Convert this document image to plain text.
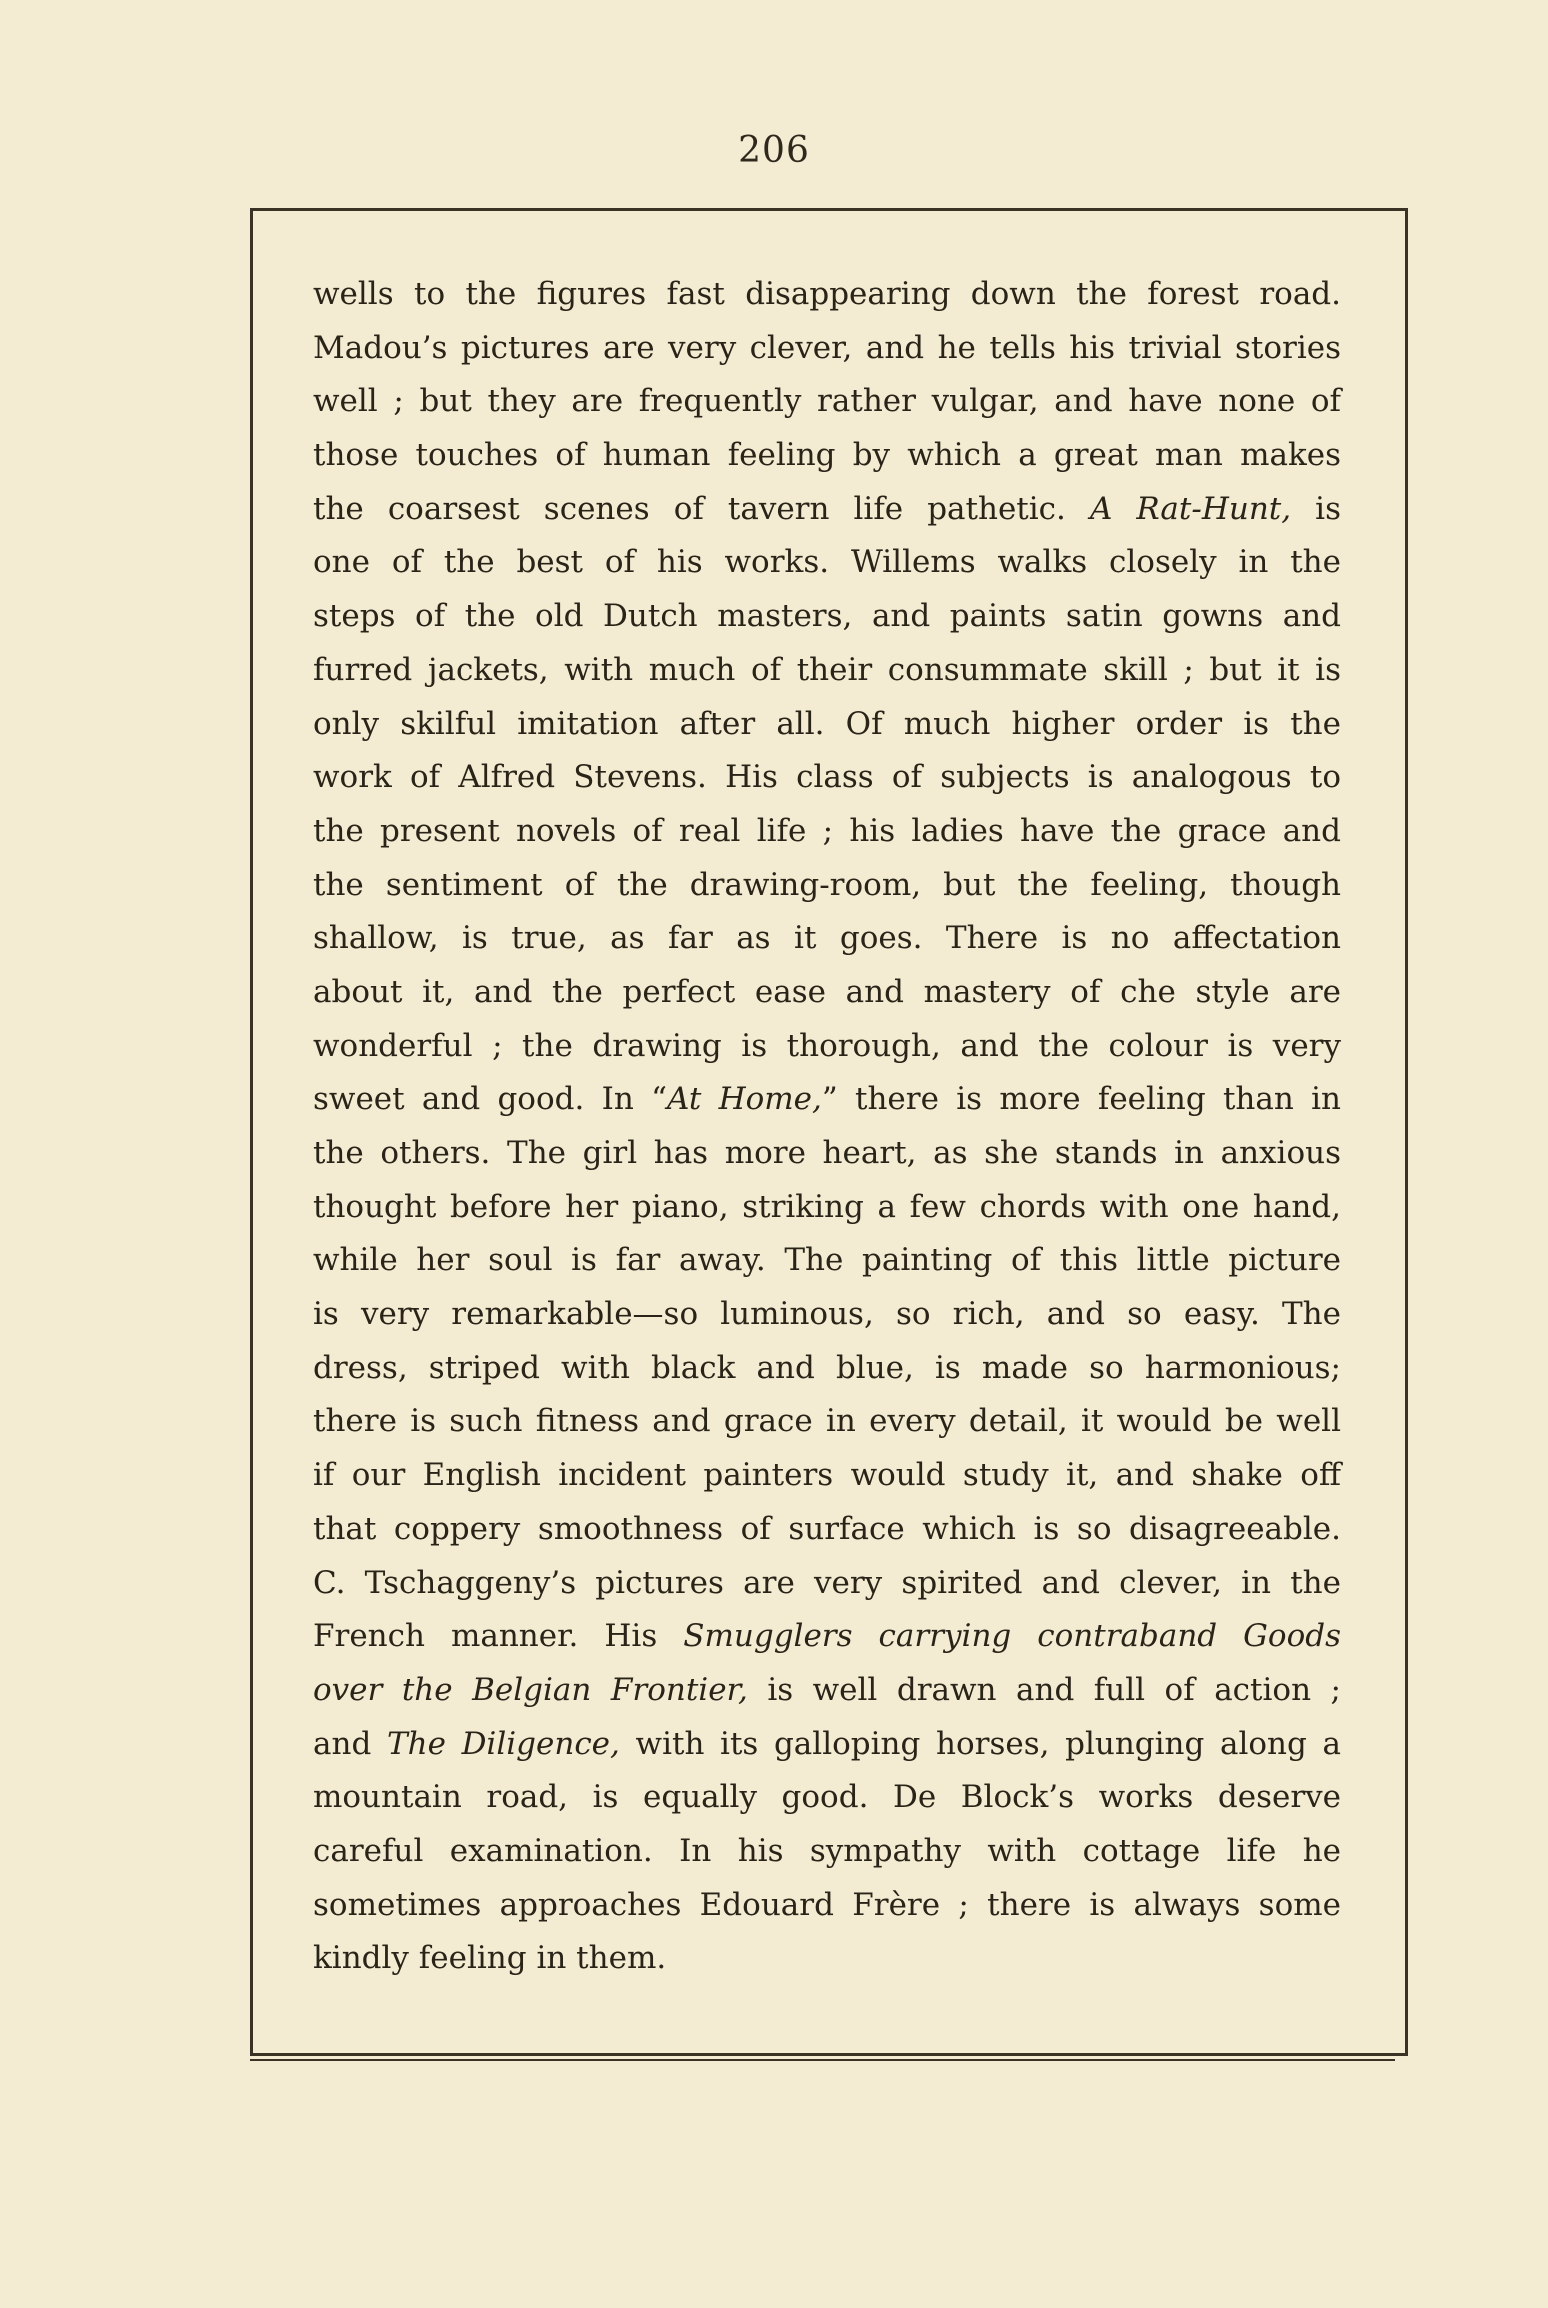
206
wells to the figures fast disappearing down the forest road.
Madou’s pictures are very clever, and he tells his trivial stories
well ; but they are frequently rather vulgar, and have none of
those touches of human feeling by which a great man makes
the coarsest scenes of tavern life pathetic. A Rat-Hunt, is
one of the best of his works. Willems walks closely in the
steps of the old Dutch masters, and paints satin gowns and
furred jackets, with much of their consummate skill ; but it is
only skilful imitation after all. Of much higher order is the
work of Alfred Stevens. His class of subjects is analogous to
the present novels of real life ; his ladies have the grace and
the sentiment of the drawing-room, but the feeling, though
shallow, is true, as far as it goes. There is no affectation
about it, and the perfect ease and mastery of che style are
wonderful ; the drawing is thorough, and the colour is very
sweet and good. In “At Home,” there is more feeling than in
the others. The girl has more heart, as she stands in anxious
thought before her piano, striking a few chords with one hand,
while her soul is far away. The painting of this little picture
is very remarkable—so luminous, so rich, and so easy. The
dress, striped with black and blue, is made so harmonious;
there is such fitness and grace in every detail, it would be well
if our English incident painters would study it, and shake off
that coppery smoothness of surface which is so disagreeable.
C. Tschaggeny’s pictures are very spirited and clever, in the
French manner. His Smugglers carrying contraband Goods
over the Belgian Frontier, is well drawn and full of action ;
and The Diligence, with its galloping horses, plunging along a
mountain road, is equally good. De Block’s works deserve
careful examination. In his sympathy with cottage life he
sometimes approaches Edouard Frère ; there is always some
kindly feeling in them.
